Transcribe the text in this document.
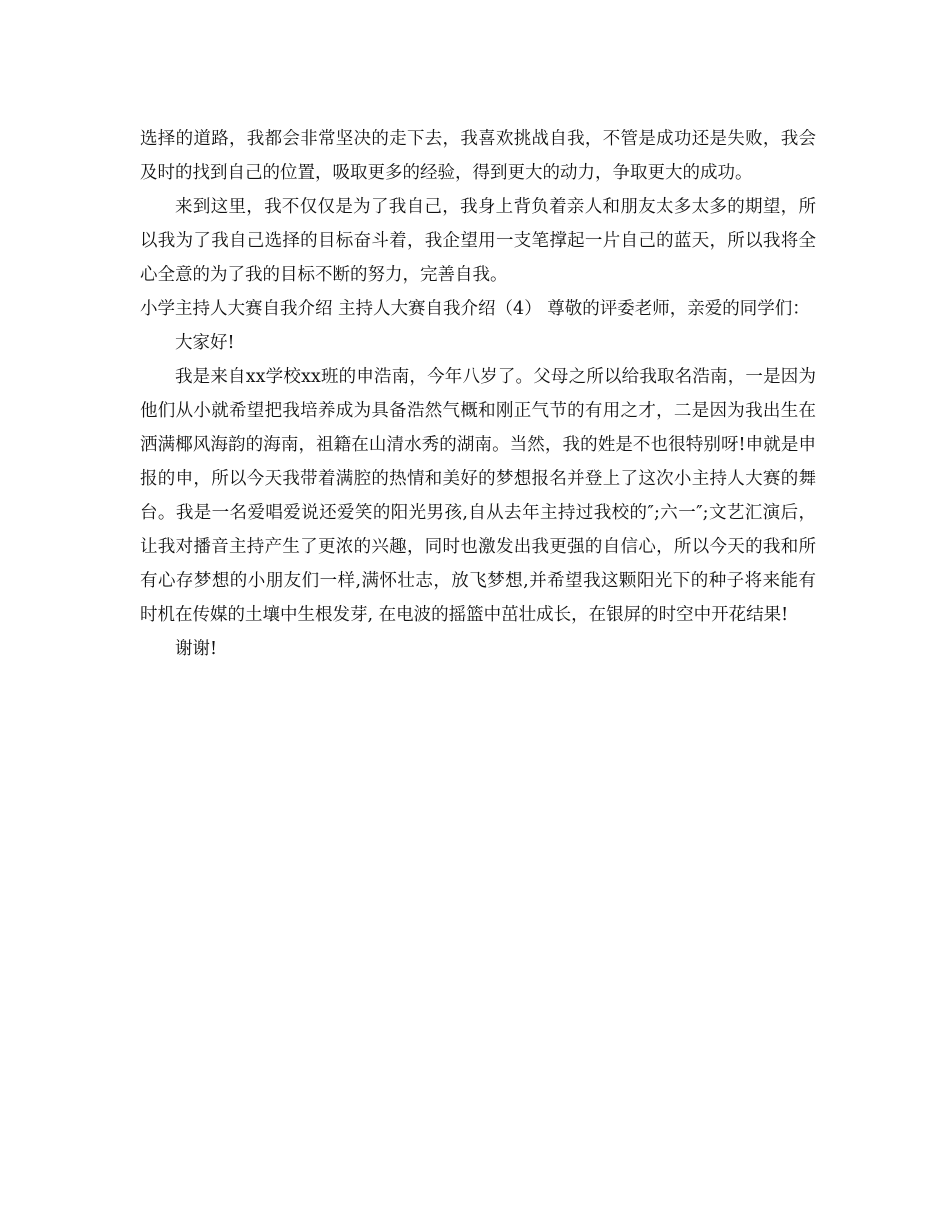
选择的道路，我都会非常坚决的走下去，我喜欢挑战自我，不管是成功还是失败，我会及时的找到自己的位置，吸取更多的经验，得到更大的动力，争取更大的成功。

来到这里，我不仅仅是为了我自己，我身上背负着亲人和朋友太多太多的期望，所以我为了我自己选择的目标奋斗着，我企望用一支笔撑起一片自己的蓝天，所以我将全心全意的为了我的目标不断的努力，完善自我。

小学主持人大赛自我介绍 主持人大赛自我介绍（4） 尊敬的评委老师，亲爱的同学们：

大家好!

我是来自xx学校xx班的申浩南，今年八岁了。父母之所以给我取名浩南，一是因为他们从小就希望把我培养成为具备浩然气概和刚正气节的有用之才，二是因为我出生在洒满椰风海韵的海南，祖籍在山清水秀的湖南。当然，我的姓是不也很特别呀!申就是申报的申，所以今天我带着满腔的热情和美好的梦想报名并登上了这次小主持人大赛的舞台。我是一名爱唱爱说还爱笑的阳光男孩,自从去年主持过我校的″;六一″;文艺汇演后，让我对播音主持产生了更浓的兴趣，同时也激发出我更强的自信心，所以今天的我和所有心存梦想的小朋友们一样,满怀壮志，放飞梦想,并希望我这颗阳光下的种子将来能有时机在传媒的土壤中生根发芽, 在电波的摇篮中茁壮成长，在银屏的时空中开花结果!

谢谢!
